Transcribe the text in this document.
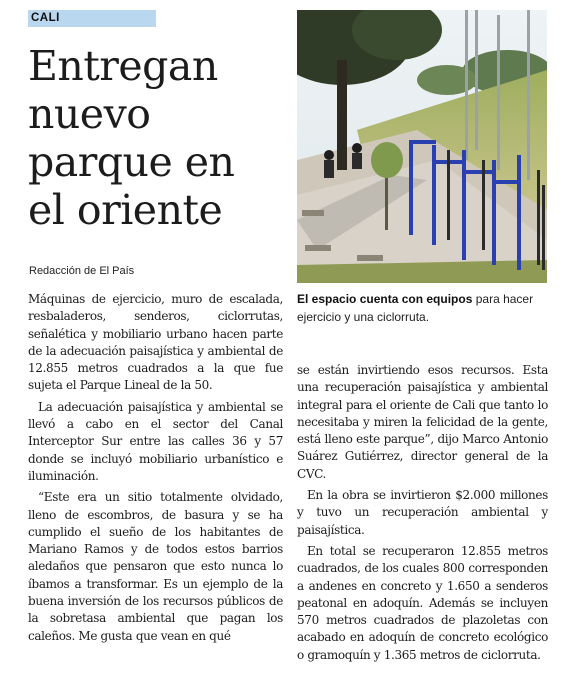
CALI
Entregan
nuevo
parque en
el oriente
Redacción de El País
El espacio cuenta con equipos para hacer ejercicio y una ciclorruta.

Máquinas de ejercicio, muro de escalada, resbaladeros, senderos, ciclorrutas, señalética y mobiliario urbano hacen parte de la adecuación paisajística y ambiental de 12.855 metros cuadrados a la que fue sujeta el Parque Lineal de la 50.

La adecuación paisajística y ambiental se llevó a cabo en el sector del Canal Interceptor Sur entre las calles 36 y 57 donde se incluyó mobiliario urbanístico e iluminación.

“Este era un sitio totalmente olvidado, lleno de escombros, de basura y se ha cumplido el sueño de los habitantes de Mariano Ramos y de todos estos barrios aledaños que pensaron que esto nunca lo íbamos a transformar. Es un ejemplo de la buena inversión de los recursos públicos de la sobretasa ambiental que pagan los caleños. Me gusta que vean en qué

se están invirtiendo esos recursos. Esta una recuperación paisajística y ambiental integral para el oriente de Cali que tanto lo necesitaba y miren la felicidad de la gente, está lleno este parque”, dijo Marco Antonio Suárez Gutiérrez, director general de la CVC.

En la obra se invirtieron $2.000 millones y tuvo un recuperación ambiental y paisajística.

En total se recuperaron 12.855 metros cuadrados, de los cuales 800 corresponden a andenes en concreto y 1.650 a senderos peatonal en adoquín. Además se incluyen 570 metros cuadrados de plazoletas con acabado en adoquín de concreto ecológico o gramoquín y 1.365 metros de ciclorruta.
